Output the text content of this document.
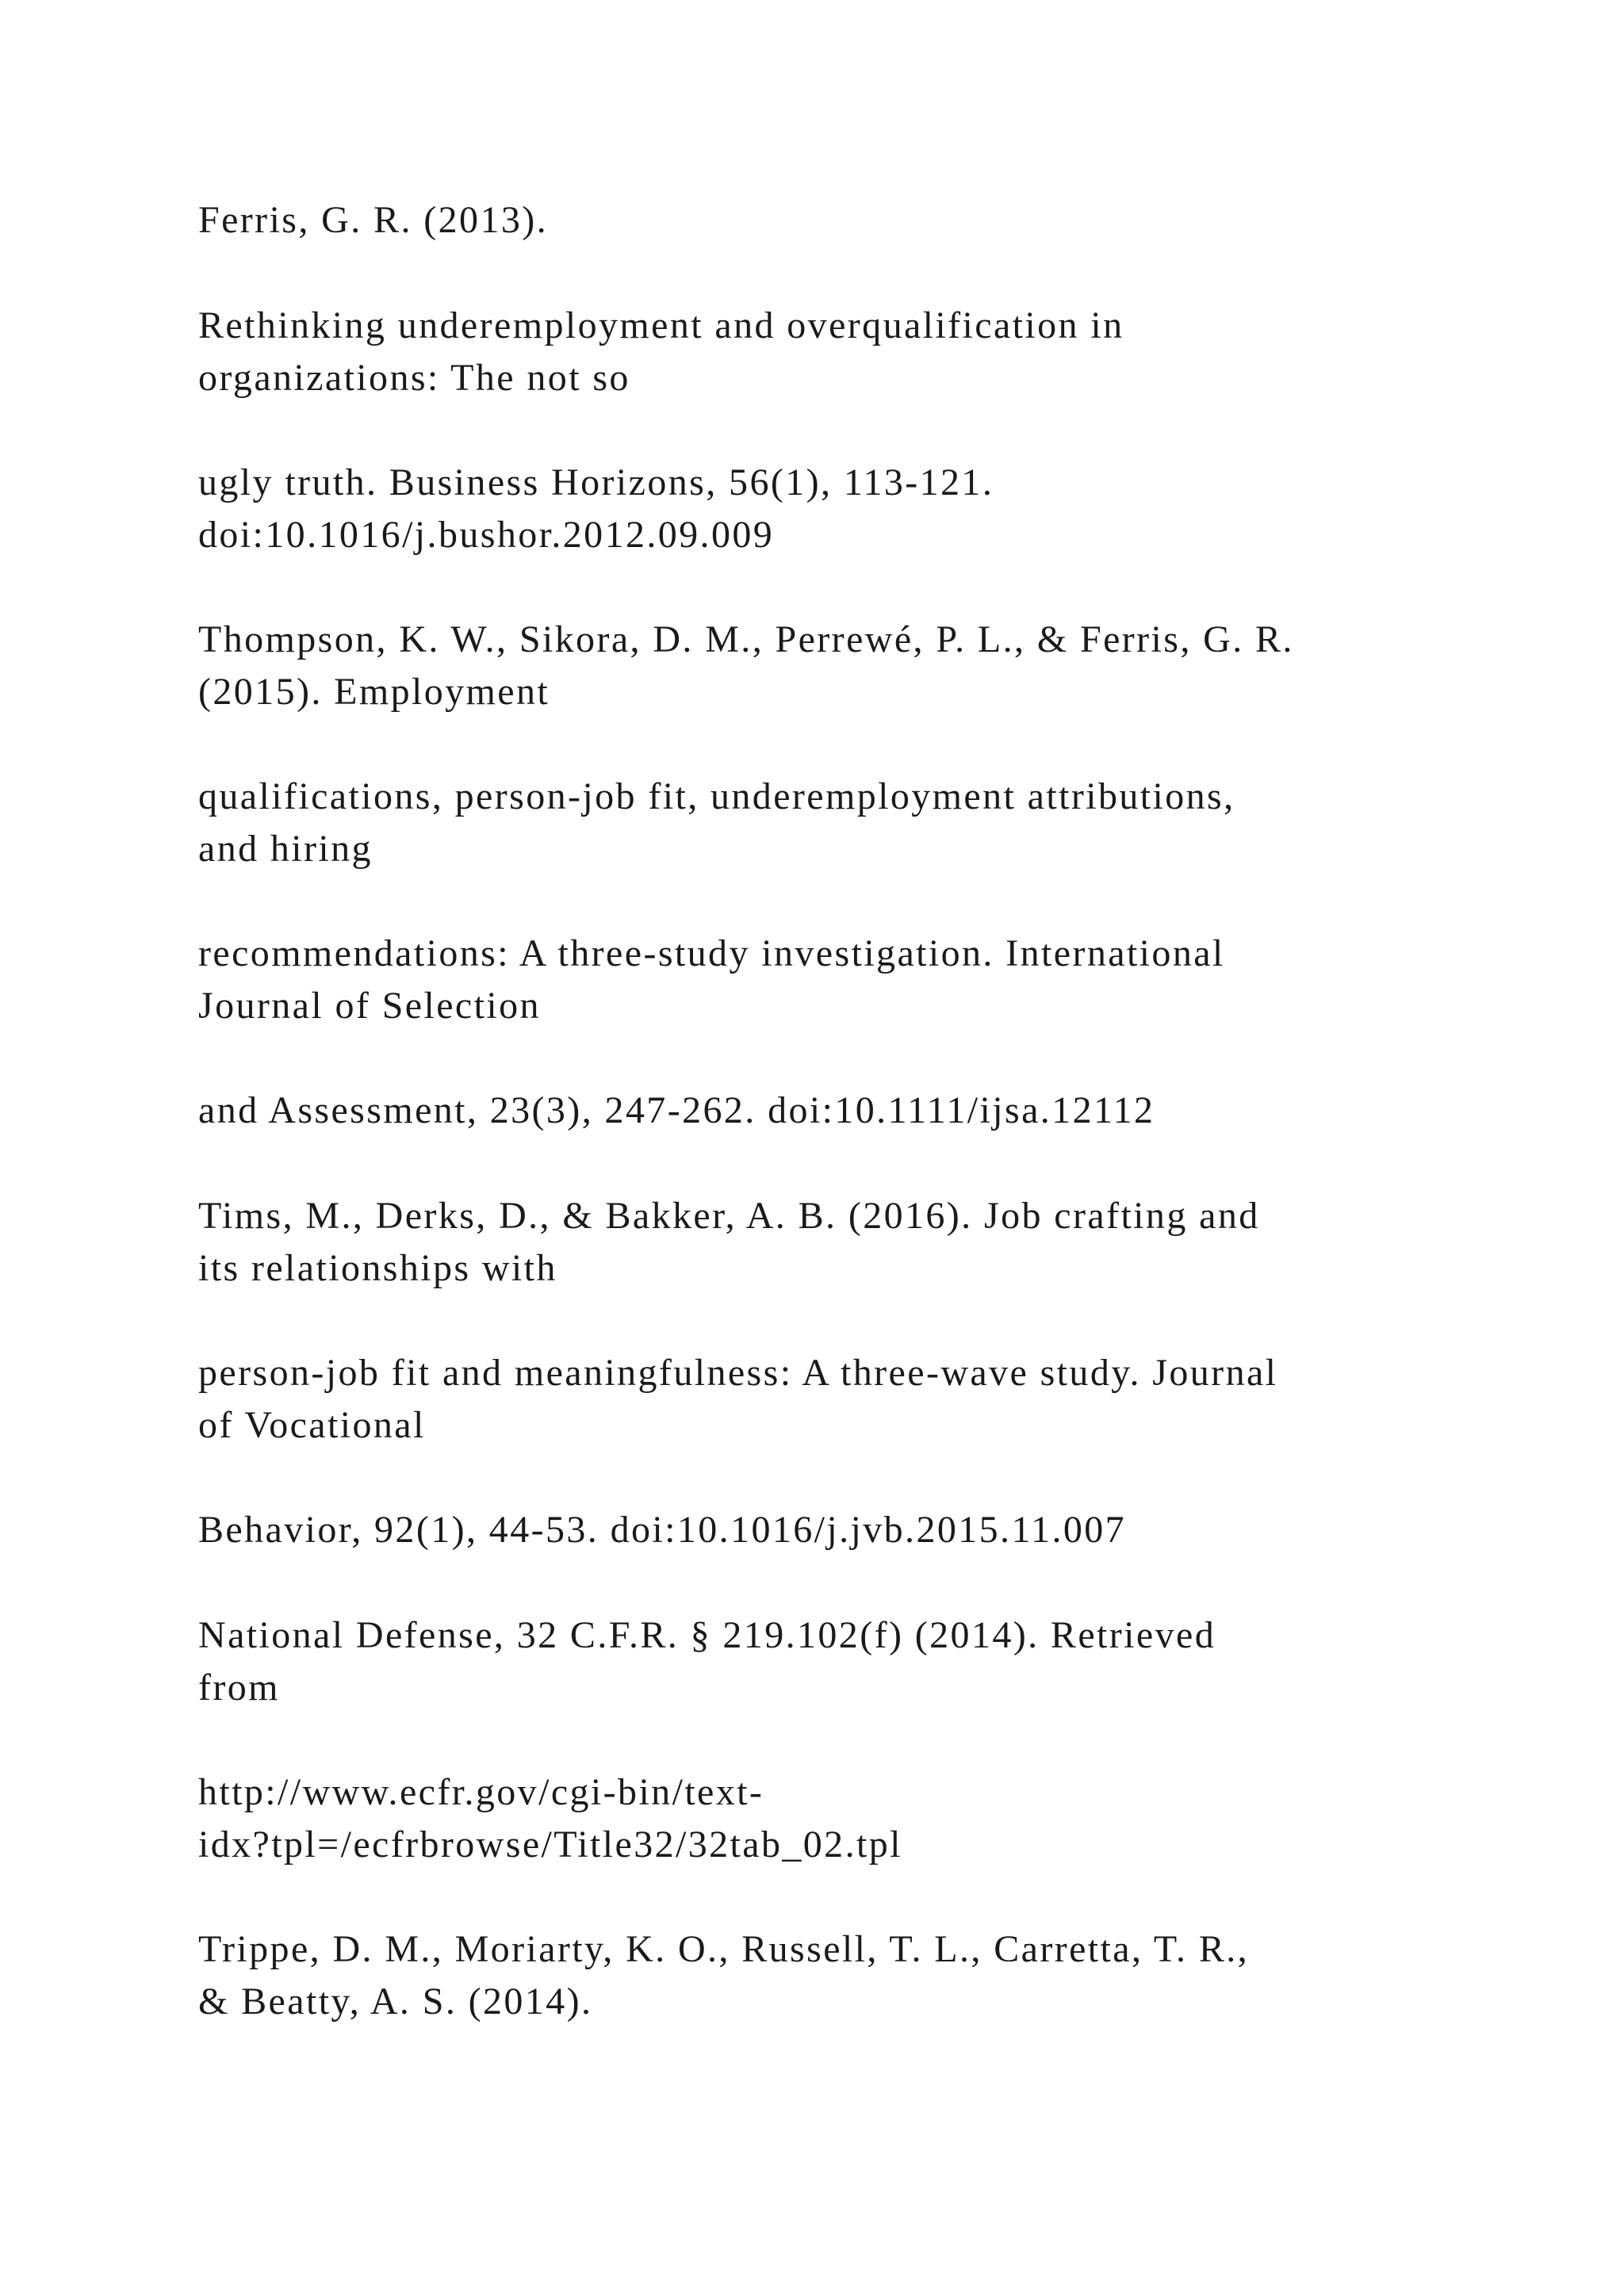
Ferris, G. R. (2013).

Rethinking underemployment and overqualification in
organizations: The not so

ugly truth. Business Horizons, 56(1), 113-121.
doi:10.1016/j.bushor.2012.09.009

Thompson, K. W., Sikora, D. M., Perrewé, P. L., & Ferris, G. R.
(2015). Employment

qualifications, person-job fit, underemployment attributions,
and hiring

recommendations: A three-study investigation. International
Journal of Selection

and Assessment, 23(3), 247-262. doi:10.1111/ijsa.12112

Tims, M., Derks, D., & Bakker, A. B. (2016). Job crafting and
its relationships with

person-job fit and meaningfulness: A three-wave study. Journal
of Vocational

Behavior, 92(1), 44-53. doi:10.1016/j.jvb.2015.11.007

National Defense, 32 C.F.R. § 219.102(f) (2014). Retrieved
from

http://www.ecfr.gov/cgi-bin/text-
idx?tpl=/ecfrbrowse/Title32/32tab_02.tpl

Trippe, D. M., Moriarty, K. O., Russell, T. L., Carretta, T. R.,
& Beatty, A. S. (2014).
